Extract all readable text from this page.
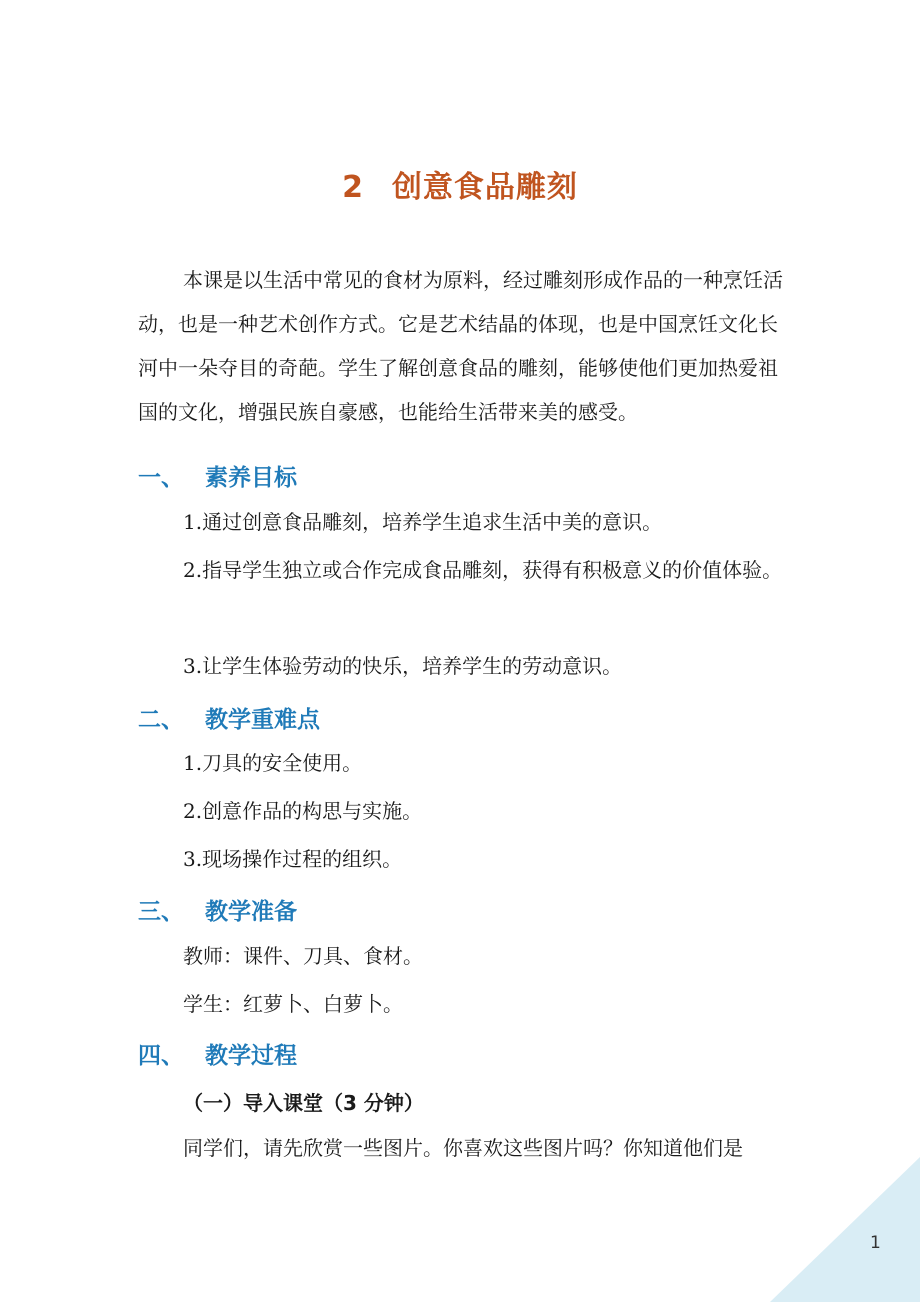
2 创意食品雕刻
本课是以生活中常见的食材为原料，经过雕刻形成作品的一种烹饪活动，也是一种艺术创作方式。它是艺术结晶的体现，也是中国烹饪文化长河中一朵夺目的奇葩。学生了解创意食品的雕刻，能够使他们更加热爱祖国的文化，增强民族自豪感，也能给生活带来美的感受。
一、 素养目标
1.通过创意食品雕刻，培养学生追求生活中美的意识。
2.指导学生独立或合作完成食品雕刻，获得有积极意义的价值体验。
3.让学生体验劳动的快乐，培养学生的劳动意识。
二、 教学重难点
1.刀具的安全使用。
2.创意作品的构思与实施。
3.现场操作过程的组织。
三、 教学准备
教师：课件、刀具、食材。
学生：红萝卜、白萝卜。
四、 教学过程
（一）导入课堂（3 分钟）
同学们，请先欣赏一些图片。你喜欢这些图片吗？你知道他们是
1
